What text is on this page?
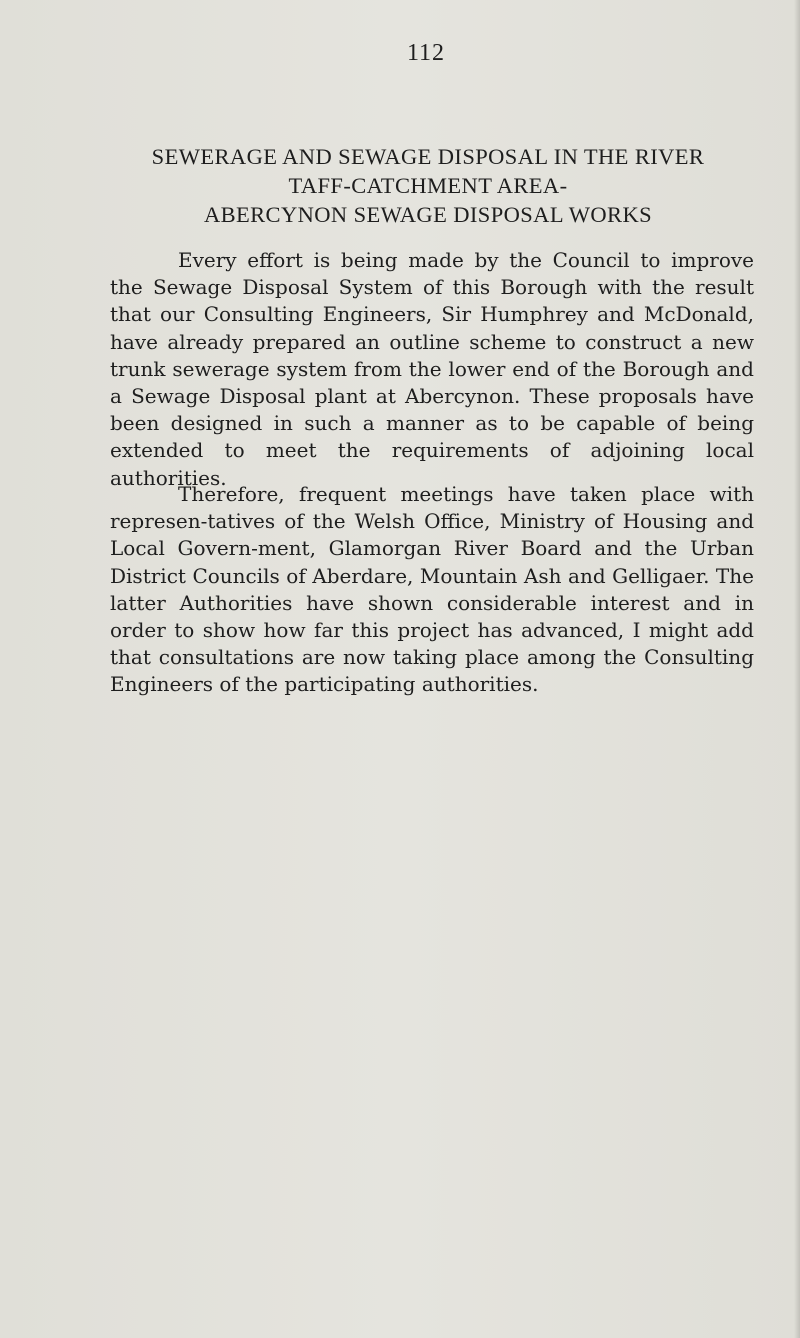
112
SEWERAGE AND SEWAGE DISPOSAL IN THE RIVER
TAFF-CATCHMENT AREA-
ABERCYNON SEWAGE DISPOSAL WORKS

Every effort is being made by the Council to improve the Sewage Disposal System of this Borough with the result that our Consulting Engineers, Sir Humphrey and McDonald, have already prepared an outline scheme to construct a new trunk sewerage system from the lower end of the Borough and a Sewage Disposal plant at Abercynon. These proposals have been designed in such a manner as to be capable of being extended to meet the requirements of adjoining local authorities.

Therefore, frequent meetings have taken place with represen-tatives of the Welsh Office, Ministry of Housing and Local Govern-ment, Glamorgan River Board and the Urban District Councils of Aberdare, Mountain Ash and Gelligaer. The latter Authorities have shown considerable interest and in order to show how far this project has advanced, I might add that consultations are now taking place among the Consulting Engineers of the participating authorities.
